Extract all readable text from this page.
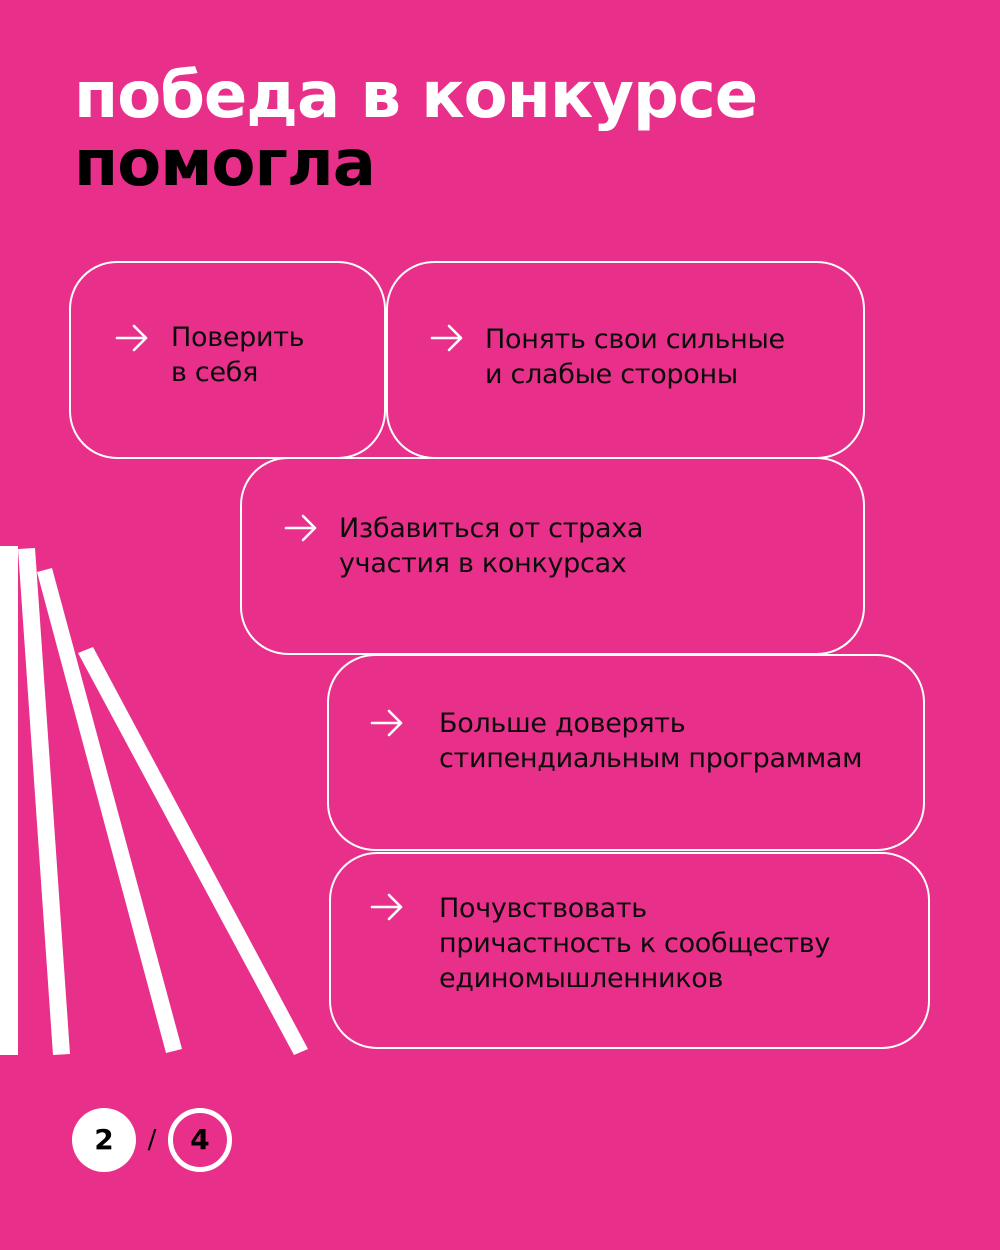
победа в конкурсе
помогла
Поверить
в себя
Понять свои сильные
и слабые стороны
Избавиться от страха
участия в конкурсах
Больше доверять
стипендиальным программам
Почувствовать
причастность к сообществу
единомышленников
2	/	4
